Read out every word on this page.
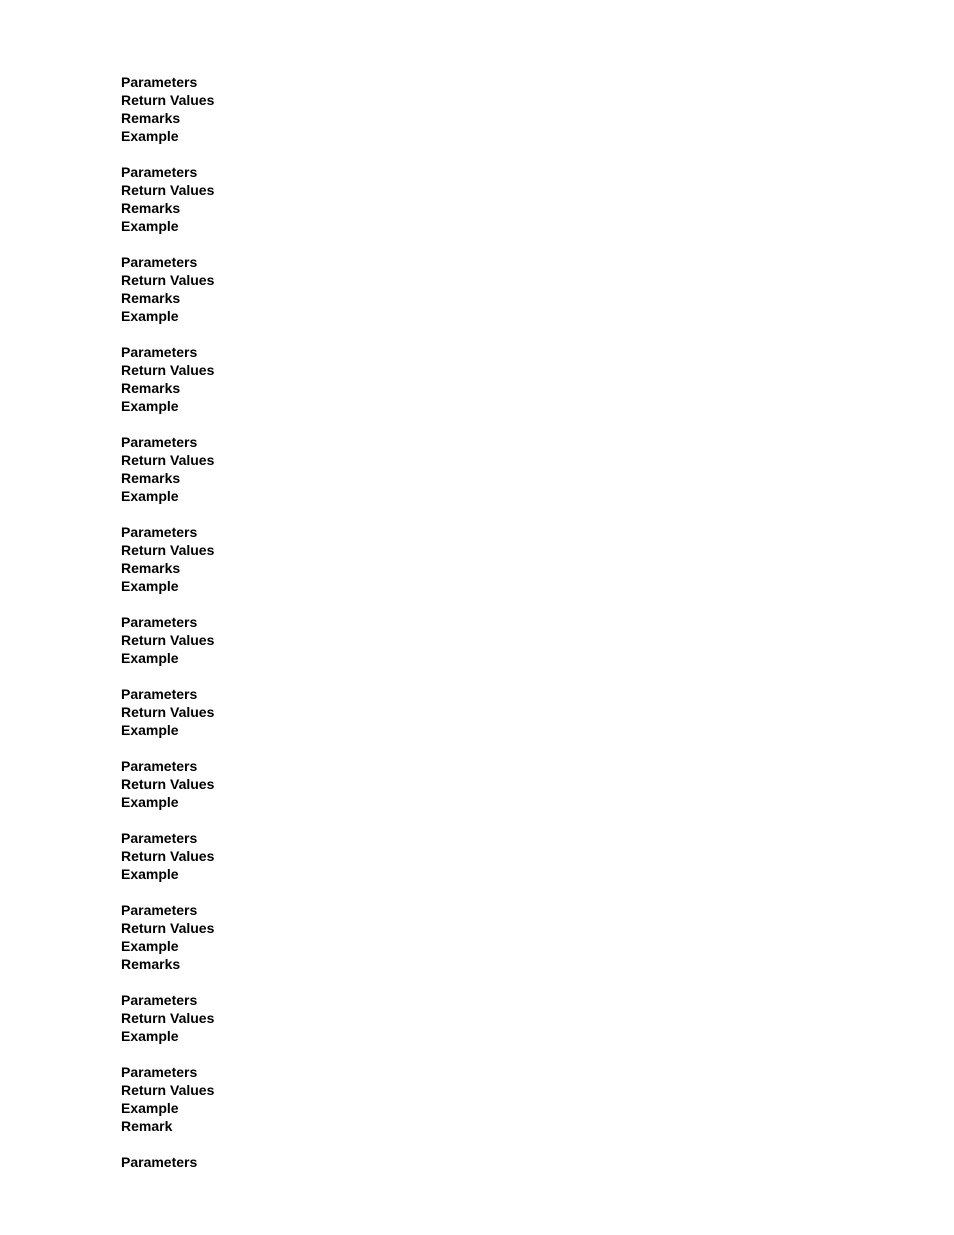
Parameters
Return Values
Remarks
Example
Parameters
Return Values
Remarks
Example
Parameters
Return Values
Remarks
Example
Parameters
Return Values
Remarks
Example
Parameters
Return Values
Remarks
Example
Parameters
Return Values
Remarks
Example
Parameters
Return Values
Example
Parameters
Return Values
Example
Parameters
Return Values
Example
Parameters
Return Values
Example
Parameters
Return Values
Example
Remarks
Parameters
Return Values
Example
Parameters
Return Values
Example
Remark
Parameters
